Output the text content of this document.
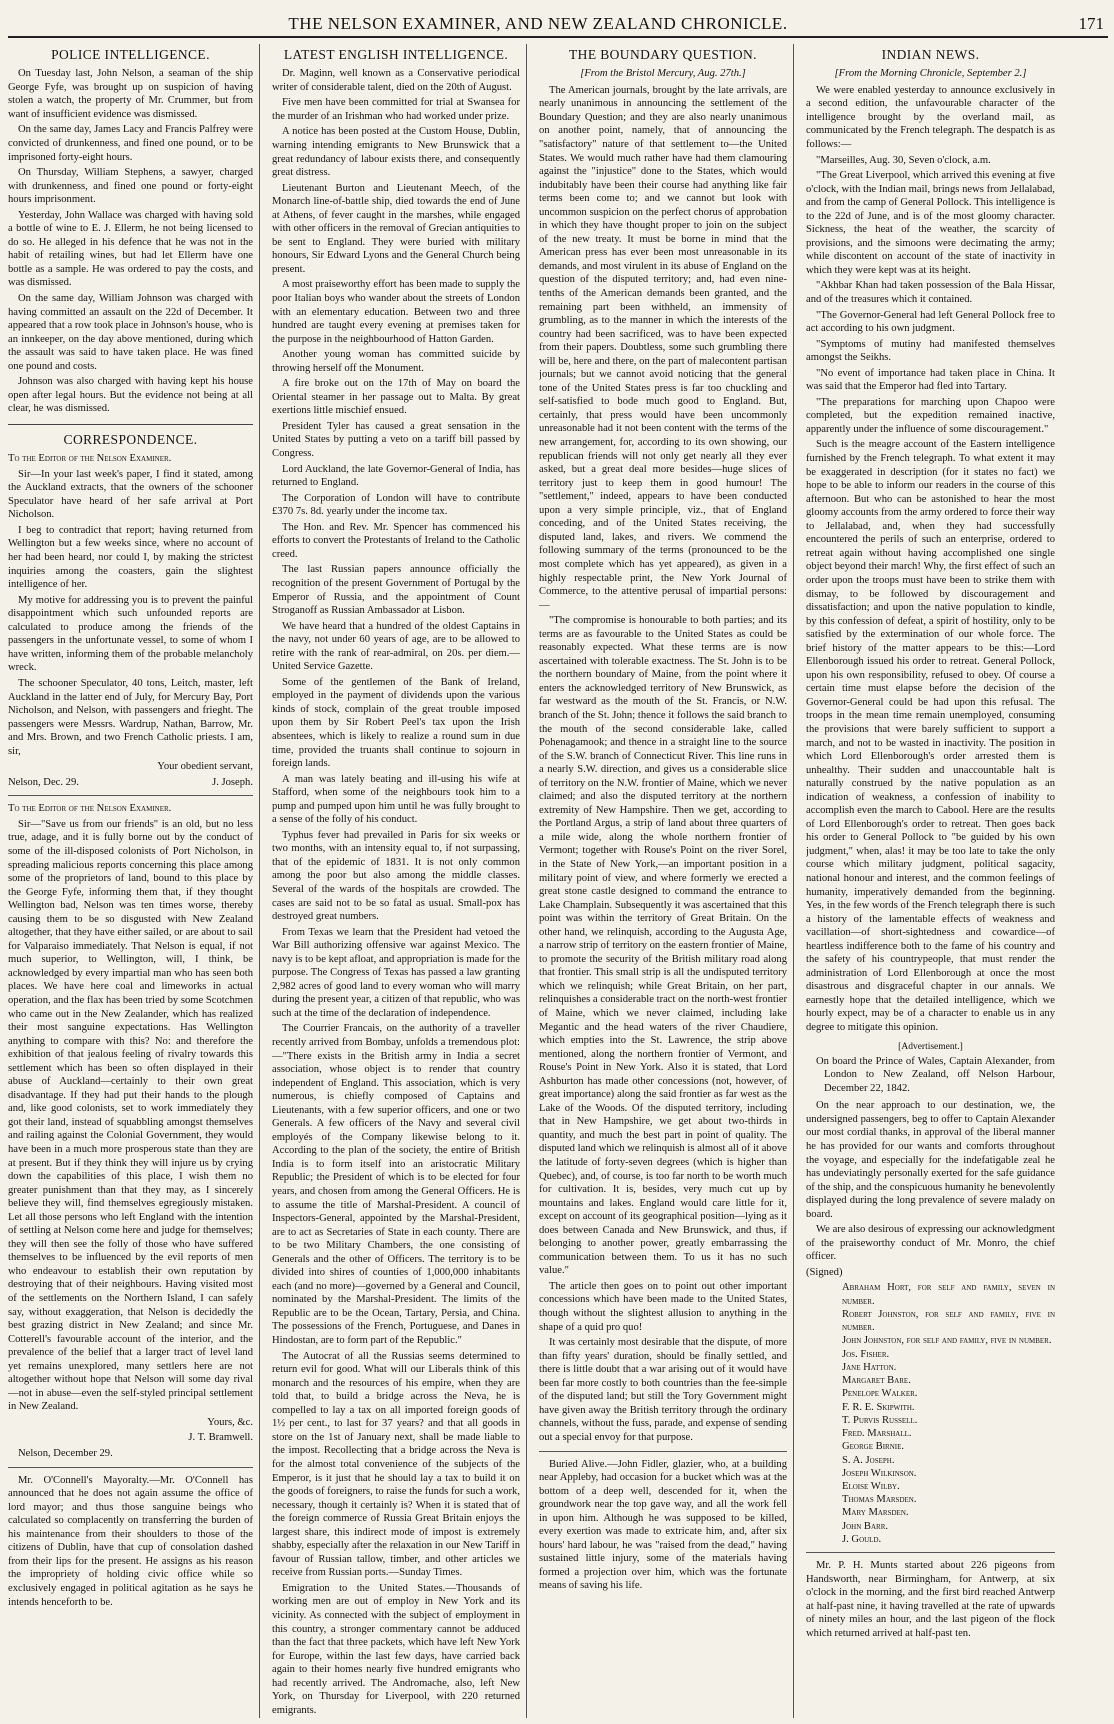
THE NELSON EXAMINER, AND NEW ZEALAND CHRONICLE.	171
POLICE INTELLIGENCE.

On Tuesday last, John Nelson, a seaman of the ship George Fyfe, was brought up on suspicion of having stolen a watch, the property of Mr. Crummer, but from want of insufficient evidence was dismissed.

On the same day, James Lacy and Francis Palfrey were convicted of drunkenness, and fined one pound, or to be imprisoned forty-eight hours.

On Thursday, William Stephens, a sawyer, charged with drunkenness, and fined one pound or forty-eight hours imprisonment.

Yesterday, John Wallace was charged with having sold a bottle of wine to E. J. Ellerm, he not being licensed to do so. He alleged in his defence that he was not in the habit of retailing wines, but had let Ellerm have one bottle as a sample. He was ordered to pay the costs, and was dismissed.

On the same day, William Johnson was charged with having committed an assault on the 22d of December. It appeared that a row took place in Johnson's house, who is an innkeeper, on the day above mentioned, during which the assault was said to have taken place. He was fined one pound and costs.

Johnson was also charged with having kept his house open after legal hours. But the evidence not being at all clear, he was dismissed.

CORRESPONDENCE.

To the Editor of the Nelson Examiner.

Sir—In your last week's paper, I find it stated, among the Auckland extracts, that the owners of the schooner Speculator have heard of her safe arrival at Port Nicholson.

I beg to contradict that report; having returned from Wellington but a few weeks since, where no account of her had been heard, nor could I, by making the strictest inquiries among the coasters, gain the slightest intelligence of her.

My motive for addressing you is to prevent the painful disappointment which such unfounded reports are calculated to produce among the friends of the passengers in the unfortunate vessel, to some of whom I have written, informing them of the probable melancholy wreck.

The schooner Speculator, 40 tons, Leitch, master, left Auckland in the latter end of July, for Mercury Bay, Port Nicholson, and Nelson, with passengers and frieght. The passengers were Messrs. Wardrup, Nathan, Barrow, Mr. and Mrs. Brown, and two French Catholic priests. I am, sir,

Your obedient servant,

Nelson, Dec. 29.	J. Joseph.

To the Editor of the Nelson Examiner.

Sir—"Save us from our friends" is an old, but no less true, adage, and it is fully borne out by the conduct of some of the ill-disposed colonists of Port Nicholson, in spreading malicious reports concerning this place among some of the proprietors of land, bound to this place by the George Fyfe, informing them that, if they thought Wellington bad, Nelson was ten times worse, thereby causing them to be so disgusted with New Zealand altogether, that they have either sailed, or are about to sail for Valparaiso immediately. That Nelson is equal, if not much superior, to Wellington, will, I think, be acknowledged by every impartial man who has seen both places. We have here coal and limeworks in actual operation, and the flax has been tried by some Scotchmen who came out in the New Zealander, which has realized their most sanguine expectations. Has Wellington anything to compare with this? No: and therefore the exhibition of that jealous feeling of rivalry towards this settlement which has been so often displayed in their abuse of Auckland—certainly to their own great disadvantage. If they had put their hands to the plough and, like good colonists, set to work immediately they got their land, instead of squabbling amongst themselves and railing against the Colonial Government, they would have been in a much more prosperous state than they are at present. But if they think they will injure us by crying down the capabilities of this place, I wish them no greater punishment than that they may, as I sincerely believe they will, find themselves egregiously mistaken. Let all those persons who left England with the intention of settling at Nelson come here and judge for themselves; they will then see the folly of those who have suffered themselves to be influenced by the evil reports of men who endeavour to establish their own reputation by destroying that of their neighbours. Having visited most of the settlements on the Northern Island, I can safely say, without exaggeration, that Nelson is decidedly the best grazing district in New Zealand; and since Mr. Cotterell's favourable account of the interior, and the prevalence of the belief that a larger tract of level land yet remains unexplored, many settlers here are not altogether without hope that Nelson will some day rival—not in abuse—even the self-styled principal settlement in New Zealand.

Yours, &c.

J. T. Bramwell.

Nelson, December 29.

Mr. O'Connell's Mayoralty.—Mr. O'Connell has announced that he does not again assume the office of lord mayor; and thus those sanguine beings who calculated so complacently on transferring the burden of his maintenance from their shoulders to those of the citizens of Dublin, have that cup of consolation dashed from their lips for the present. He assigns as his reason the impropriety of holding civic office while so exclusively engaged in political agitation as he says he intends henceforth to be.

LATEST ENGLISH INTELLIGENCE.

Dr. Maginn, well known as a Conservative periodical writer of considerable talent, died on the 20th of August.

Five men have been committed for trial at Swansea for the murder of an Irishman who had worked under prize.

A notice has been posted at the Custom House, Dublin, warning intending emigrants to New Brunswick that a great redundancy of labour exists there, and consequently great distress.

Lieutenant Burton and Lieutenant Meech, of the Monarch line-of-battle ship, died towards the end of June at Athens, of fever caught in the marshes, while engaged with other officers in the removal of Grecian antiquities to be sent to England. They were buried with military honours, Sir Edward Lyons and the General Church being present.

A most praiseworthy effort has been made to supply the poor Italian boys who wander about the streets of London with an elementary education. Between two and three hundred are taught every evening at premises taken for the purpose in the neighbourhood of Hatton Garden.

Another young woman has committed suicide by throwing herself off the Monument.

A fire broke out on the 17th of May on board the Oriental steamer in her passage out to Malta. By great exertions little mischief ensued.

President Tyler has caused a great sensation in the United States by putting a veto on a tariff bill passed by Congress.

Lord Auckland, the late Governor-General of India, has returned to England.

The Corporation of London will have to contribute £370 7s. 8d. yearly under the income tax.

The Hon. and Rev. Mr. Spencer has commenced his efforts to convert the Protestants of Ireland to the Catholic creed.

The last Russian papers announce officially the recognition of the present Government of Portugal by the Emperor of Russia, and the appointment of Count Stroganoff as Russian Ambassador at Lisbon.

We have heard that a hundred of the oldest Captains in the navy, not under 60 years of age, are to be allowed to retire with the rank of rear-admiral, on 20s. per diem.—United Service Gazette.

Some of the gentlemen of the Bank of Ireland, employed in the payment of dividends upon the various kinds of stock, complain of the great trouble imposed upon them by Sir Robert Peel's tax upon the Irish absentees, which is likely to realize a round sum in due time, provided the truants shall continue to sojourn in foreign lands.

A man was lately beating and ill-using his wife at Stafford, when some of the neighbours took him to a pump and pumped upon him until he was fully brought to a sense of the folly of his conduct.

Typhus fever had prevailed in Paris for six weeks or two months, with an intensity equal to, if not surpassing, that of the epidemic of 1831. It is not only common among the poor but also among the middle classes. Several of the wards of the hospitals are crowded. The cases are said not to be so fatal as usual. Small-pox has destroyed great numbers.

From Texas we learn that the President had vetoed the War Bill authorizing offensive war against Mexico. The navy is to be kept afloat, and appropriation is made for the purpose. The Congress of Texas has passed a law granting 2,982 acres of good land to every woman who will marry during the present year, a citizen of that republic, who was such at the time of the declaration of independence.

The Courrier Francais, on the authority of a traveller recently arrived from Bombay, unfolds a tremendous plot:—"There exists in the British army in India a secret association, whose object is to render that country independent of England. This association, which is very numerous, is chiefly composed of Captains and Lieutenants, with a few superior officers, and one or two Generals. A few officers of the Navy and several civil employés of the Company likewise belong to it. According to the plan of the society, the entire of British India is to form itself into an aristocratic Military Republic; the President of which is to be elected for four years, and chosen from among the General Officers. He is to assume the title of Marshal-President. A council of Inspectors-General, appointed by the Marshal-President, are to act as Secretaries of State in each county. There are to be two Military Chambers, the one consisting of Generals and the other of Officers. The territory is to be divided into shires of counties of 1,000,000 inhabitants each (and no more)—governed by a General and Council, nominated by the Marshal-President. The limits of the Republic are to be the Ocean, Tartary, Persia, and China. The possessions of the French, Portuguese, and Danes in Hindostan, are to form part of the Republic."

The Autocrat of all the Russias seems determined to return evil for good. What will our Liberals think of this monarch and the resources of his empire, when they are told that, to build a bridge across the Neva, he is compelled to lay a tax on all imported foreign goods of 1½ per cent., to last for 37 years? and that all goods in store on the 1st of January next, shall be made liable to the impost. Recollecting that a bridge across the Neva is for the almost total convenience of the subjects of the Emperor, is it just that he should lay a tax to build it on the goods of foreigners, to raise the funds for such a work, necessary, though it certainly is? When it is stated that of the foreign commerce of Russia Great Britain enjoys the largest share, this indirect mode of impost is extremely shabby, especially after the relaxation in our New Tariff in favour of Russian tallow, timber, and other articles we receive from Russian ports.—Sunday Times.

Emigration to the United States.—Thousands of working men are out of employ in New York and its vicinity. As connected with the subject of employment in this country, a stronger commentary cannot be adduced than the fact that three packets, which have left New York for Europe, within the last few days, have carried back again to their homes nearly five hundred emigrants who had recently arrived. The Andromache, also, left New York, on Thursday for Liverpool, with 220 returned emigrants.

THE BOUNDARY QUESTION.

[From the Bristol Mercury, Aug. 27th.]

The American journals, brought by the late arrivals, are nearly unanimous in announcing the settlement of the Boundary Question; and they are also nearly unanimous on another point, namely, that of announcing the "satisfactory" nature of that settlement to—the United States. We would much rather have had them clamouring against the "injustice" done to the States, which would indubitably have been their course had anything like fair terms been come to; and we cannot but look with uncommon suspicion on the perfect chorus of approbation in which they have thought proper to join on the subject of the new treaty. It must be borne in mind that the American press has ever been most unreasonable in its demands, and most virulent in its abuse of England on the question of the disputed territory; and, had even nine-tenths of the American demands been granted, and the remaining part been withheld, an immensity of grumbling, as to the manner in which the interests of the country had been sacrificed, was to have been expected from their papers. Doubtless, some such grumbling there will be, here and there, on the part of malecontent partisan journals; but we cannot avoid noticing that the general tone of the United States press is far too chuckling and self-satisfied to bode much good to England. But, certainly, that press would have been uncommonly unreasonable had it not been content with the terms of the new arrangement, for, according to its own showing, our republican friends will not only get nearly all they ever asked, but a great deal more besides—huge slices of territory just to keep them in good humour! The "settlement," indeed, appears to have been conducted upon a very simple principle, viz., that of England conceding, and of the United States receiving, the disputed land, lakes, and rivers. We commend the following summary of the terms (pronounced to be the most complete which has yet appeared), as given in a highly respectable print, the New York Journal of Commerce, to the attentive perusal of impartial persons:—

"The compromise is honourable to both parties; and its terms are as favourable to the United States as could be reasonably expected. What these terms are is now ascertained with tolerable exactness. The St. John is to be the northern boundary of Maine, from the point where it enters the acknowledged territory of New Brunswick, as far westward as the mouth of the St. Francis, or N.W. branch of the St. John; thence it follows the said branch to the mouth of the second considerable lake, called Pohenagamook; and thence in a straight line to the source of the S.W. branch of Connecticut River. This line runs in a nearly S.W. direction, and gives us a considerable slice of territory on the N.W. frontier of Maine, which we never claimed; and also the disputed territory at the northern extremity of New Hampshire. Then we get, according to the Portland Argus, a strip of land about three quarters of a mile wide, along the whole northern frontier of Vermont; together with Rouse's Point on the river Sorel, in the State of New York,—an important position in a military point of view, and where formerly we erected a great stone castle designed to command the entrance to Lake Champlain. Subsequently it was ascertained that this point was within the territory of Great Britain. On the other hand, we relinquish, according to the Augusta Age, a narrow strip of territory on the eastern frontier of Maine, to promote the security of the British military road along that frontier. This small strip is all the undisputed territory which we relinquish; while Great Britain, on her part, relinquishes a considerable tract on the north-west frontier of Maine, which we never claimed, including lake Megantic and the head waters of the river Chaudiere, which empties into the St. Lawrence, the strip above mentioned, along the northern frontier of Vermont, and Rouse's Point in New York. Also it is stated, that Lord Ashburton has made other concessions (not, however, of great importance) along the said frontier as far west as the Lake of the Woods. Of the disputed territory, including that in New Hampshire, we get about two-thirds in quantity, and much the best part in point of quality. The disputed land which we relinquish is almost all of it above the latitude of forty-seven degrees (which is higher than Quebec), and, of course, is too far north to be worth much for cultivation. It is, besides, very much cut up by mountains and lakes. England would care little for it, except on account of its geographical position—lying as it does between Canada and New Brunswick, and thus, if belonging to another power, greatly embarrassing the communication between them. To us it has no such value."

The article then goes on to point out other important concessions which have been made to the United States, though without the slightest allusion to anything in the shape of a quid pro quo!

It was certainly most desirable that the dispute, of more than fifty years' duration, should be finally settled, and there is little doubt that a war arising out of it would have been far more costly to both countries than the fee-simple of the disputed land; but still the Tory Government might have given away the British territory through the ordinary channels, without the fuss, parade, and expense of sending out a special envoy for that purpose.

Buried Alive.—John Fidler, glazier, who, at a building near Appleby, had occasion for a bucket which was at the bottom of a deep well, descended for it, when the groundwork near the top gave way, and all the work fell in upon him. Although he was supposed to be killed, every exertion was made to extricate him, and, after six hours' hard labour, he was "raised from the dead," having sustained little injury, some of the materials having formed a projection over him, which was the fortunate means of saving his life.

INDIAN NEWS.

[From the Morning Chronicle, September 2.]

We were enabled yesterday to announce exclusively in a second edition, the unfavourable character of the intelligence brought by the overland mail, as communicated by the French telegraph. The despatch is as follows:—

"Marseilles, Aug. 30, Seven o'clock, a.m.

"The Great Liverpool, which arrived this evening at five o'clock, with the Indian mail, brings news from Jellalabad, and from the camp of General Pollock. This intelligence is to the 22d of June, and is of the most gloomy character. Sickness, the heat of the weather, the scarcity of provisions, and the simoons were decimating the army; while discontent on account of the state of inactivity in which they were kept was at its height.

"Akhbar Khan had taken possession of the Bala Hissar, and of the treasures which it contained.

"The Governor-General had left General Pollock free to act according to his own judgment.

"Symptoms of mutiny had manifested themselves amongst the Seikhs.

"No event of importance had taken place in China. It was said that the Emperor had fled into Tartary.

"The preparations for marching upon Chapoo were completed, but the expedition remained inactive, apparently under the influence of some discouragement."

Such is the meagre account of the Eastern intelligence furnished by the French telegraph. To what extent it may be exaggerated in description (for it states no fact) we hope to be able to inform our readers in the course of this afternoon. But who can be astonished to hear the most gloomy accounts from the army ordered to force their way to Jellalabad, and, when they had successfully encountered the perils of such an enterprise, ordered to retreat again without having accomplished one single object beyond their march! Why, the first effect of such an order upon the troops must have been to strike them with dismay, to be followed by discouragement and dissatisfaction; and upon the native population to kindle, by this confession of defeat, a spirit of hostility, only to be satisfied by the extermination of our whole force. The brief history of the matter appears to be this:—Lord Ellenborough issued his order to retreat. General Pollock, upon his own responsibility, refused to obey. Of course a certain time must elapse before the decision of the Governor-General could be had upon this refusal. The troops in the mean time remain unemployed, consuming the provisions that were barely sufficient to support a march, and not to be wasted in inactivity. The position in which Lord Ellenborough's order arrested them is unhealthy. Their sudden and unaccountable halt is naturally construed by the native population as an indication of weakness, a confession of inability to accomplish even the march to Cabool. Here are the results of Lord Ellenborough's order to retreat. Then goes back his order to General Pollock to "be guided by his own judgment," when, alas! it may be too late to take the only course which military judgment, political sagacity, national honour and interest, and the common feelings of humanity, imperatively demanded from the beginning. Yes, in the few words of the French telegraph there is such a history of the lamentable effects of weakness and vacillation—of short-sightedness and cowardice—of heartless indifference both to the fame of his country and the safety of his countrypeople, that must render the administration of Lord Ellenborough at once the most disastrous and disgraceful chapter in our annals. We earnestly hope that the detailed intelligence, which we hourly expect, may be of a character to enable us in any degree to mitigate this opinion.

[Advertisement.]

On board the Prince of Wales, Captain Alexander, from London to New Zealand, off Nelson Harbour, December 22, 1842.

On the near approach to our destination, we, the undersigned passengers, beg to offer to Captain Alexander our most cordial thanks, in approval of the liberal manner he has provided for our wants and comforts throughout the voyage, and especially for the indefatigable zeal he has undeviatingly personally exerted for the safe guidance of the ship, and the conspicuous humanity he benevolently displayed during the long prevalence of severe malady on board.

We are also desirous of expressing our acknowledgment of the praiseworthy conduct of Mr. Monro, the chief officer.

(Signed)

Abraham Hort, for self and family, seven in number.
Robert Johnston, for self and family, five in number.
John Johnston, for self and family, five in number.
Jos. Fisher.
Jane Hatton.
Margaret Bare.
Penelope Walker.
F. R. E. Skipwith.
T. Purvis Russell.
Fred. Marshall.
George Birnie.
S. A. Joseph.
Joseph Wilkinson.
Eloise Wilby.
Thomas Marsden.
Mary Marsden.
John Barr.
J. Gould.

Mr. P. H. Munts started about 226 pigeons from Handsworth, near Birmingham, for Antwerp, at six o'clock in the morning, and the first bird reached Antwerp at half-past nine, it having travelled at the rate of upwards of ninety miles an hour, and the last pigeon of the flock which returned arrived at half-past ten.
